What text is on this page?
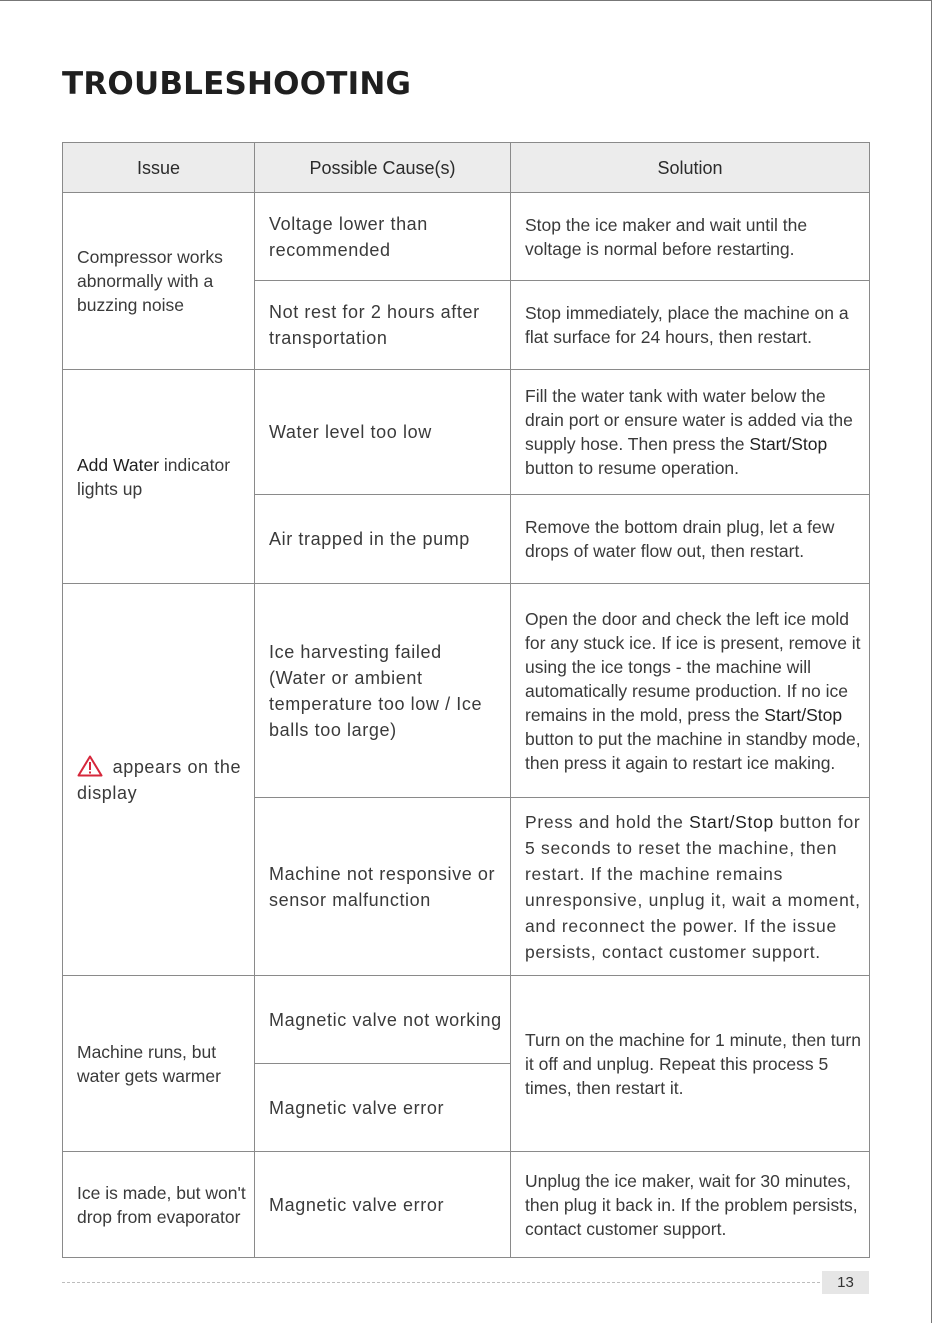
TROUBLESHOOTING
Issue	Possible Cause(s)	Solution
Compressor works abnormally with a buzzing noise	Voltage lower than recommended	Stop the ice maker and wait until the voltage is normal before restarting.
	Not rest for 2 hours after transportation	Stop immediately, place the machine on a flat surface for 24 hours, then restart.
Add Water indicator lights up	Water level too low	Fill the water tank with water below the drain port or ensure water is added via the supply hose. Then press the Start/Stop button to resume operation.
	Air trapped in the pump	Remove the bottom drain plug, let a few drops of water flow out, then restart.
appears on the display	Ice harvesting failed (Water or ambient temperature too low / Ice balls too large)	Open the door and check the left ice mold for any stuck ice. If ice is present, remove it using the ice tongs - the machine will automatically resume production. If no ice remains in the mold, press the Start/Stop button to put the machine in standby mode, then press it again to restart ice making.
	Machine not responsive or sensor malfunction	Press and hold the Start/Stop button for 5 seconds to reset the machine, then restart. If the machine remains unresponsive, unplug it, wait a moment, and reconnect the power. If the issue persists, contact customer support.
Machine runs, but water gets warmer	Magnetic valve not working	Turn on the machine for 1 minute, then turn it off and unplug. Repeat this process 5 times, then restart it.
	Magnetic valve error	
Ice is made, but won't drop from evaporator	Magnetic valve error	Unplug the ice maker, wait for 30 minutes, then plug it back in. If the problem persists, contact customer support.
13
